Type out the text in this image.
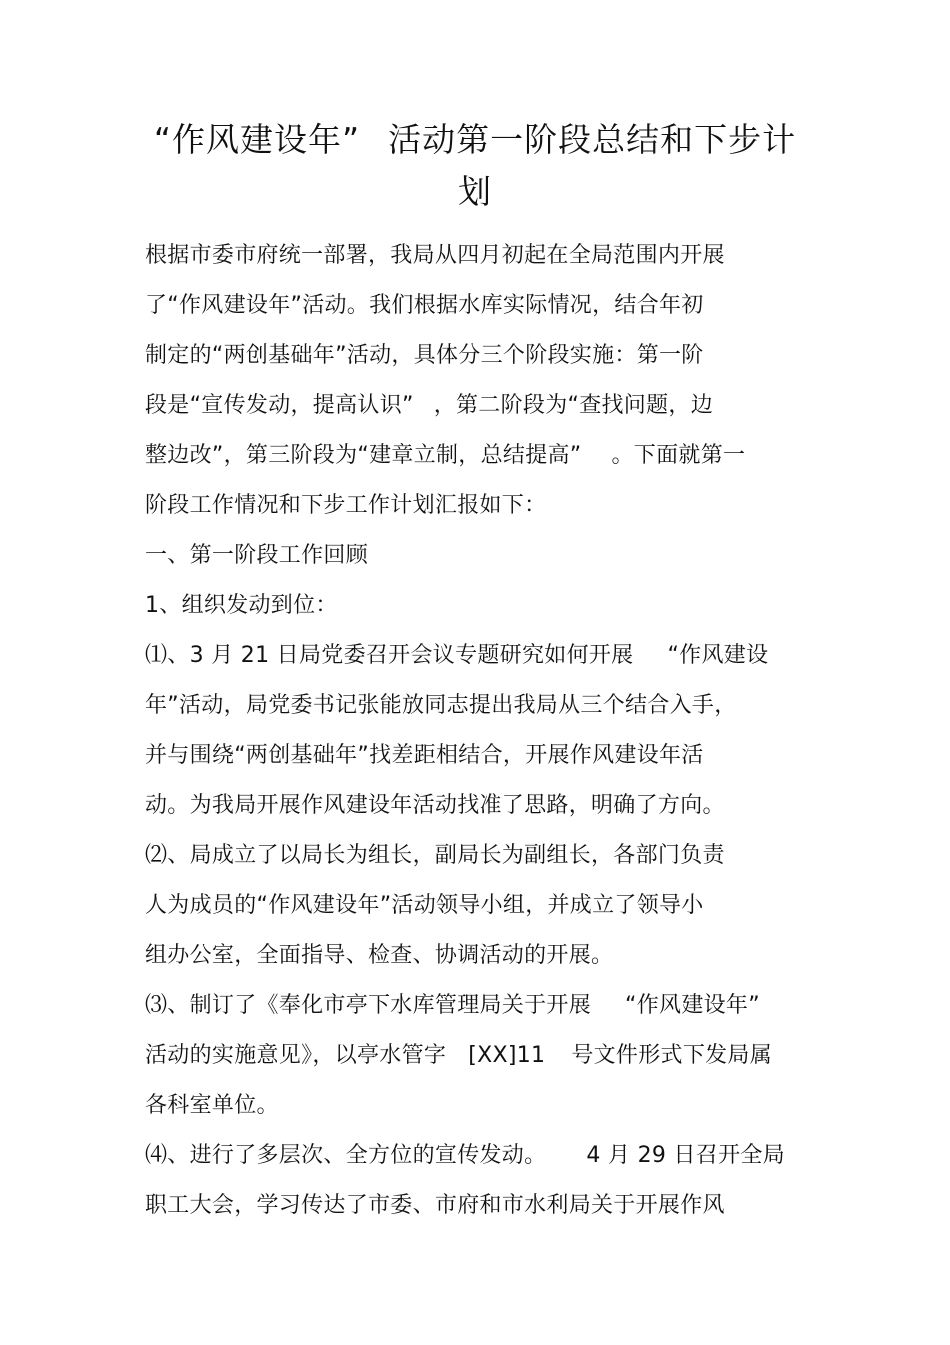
“作风建设年” 活动第一阶段总结和下步计
划
根据市委市府统一部署，我局从四月初起在全局范围内开展
了“作风建设年”活动。我们根据水库实际情况，结合年初
制定的“两创基础年”活动，具体分三个阶段实施：第一阶
段是“宣传发动，提高认识” ，第二阶段为“查找问题，边
整边改”，第三阶段为“建章立制，总结提高” 。下面就第一
阶段工作情况和下步工作计划汇报如下：
一、第一阶段工作回顾
1、组织发动到位：
⑴、3 月 21 日局党委召开会议专题研究如何开展 “作风建设
年”活动，局党委书记张能放同志提出我局从三个结合入手，
并与围绕“两创基础年”找差距相结合，开展作风建设年活
动。为我局开展作风建设年活动找准了思路，明确了方向。
⑵、局成立了以局长为组长，副局长为副组长，各部门负责
人为成员的“作风建设年”活动领导小组，并成立了领导小
组办公室，全面指导、检查、协调活动的开展。
⑶、制订了《奉化市亭下水库管理局关于开展 “作风建设年”
活动的实施意见》，以亭水管字 [XX]11 号文件形式下发局属
各科室单位。
⑷、进行了多层次、全方位的宣传发动。 4 月 29 日召开全局
职工大会，学习传达了市委、市府和市水利局关于开展作风
